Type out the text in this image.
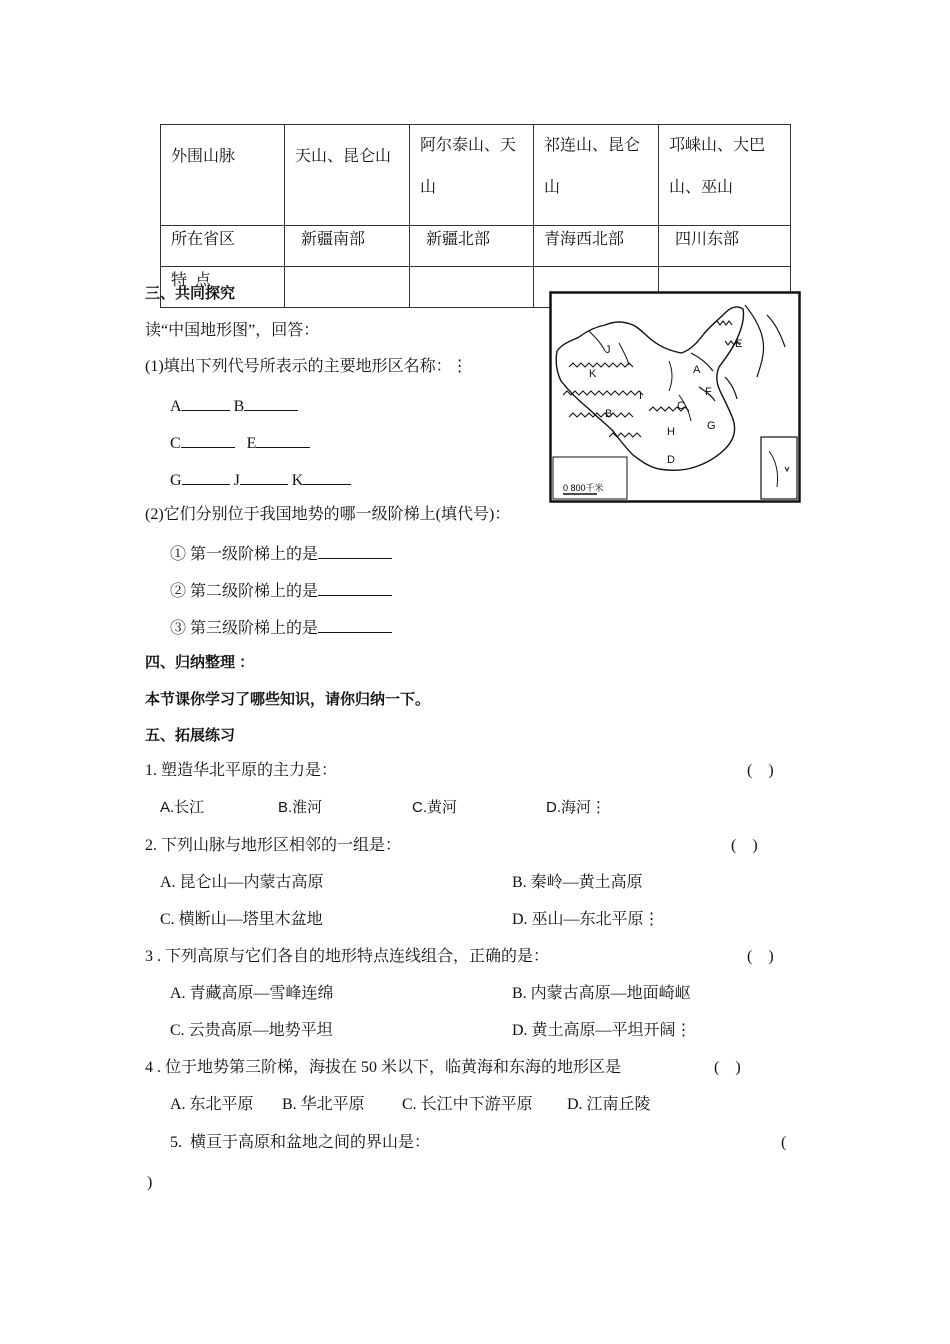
外围山脉	天山、昆仑山	阿尔泰山、天山	祁连山、昆仑山	邛崃山、大巴山、巫山
所在省区	新疆南部	新疆北部	青海西北部	四川东部
特  点				
三、共同探究
读“中国地形图”，回答：
(1)填出下列代号所表示的主要地形区名称：⋮
A	B
C	E
G	J	K
(2)它们分别位于我国地势的哪一级阶梯上(填代号)：
① 第一级阶梯上的是
② 第二级阶梯上的是
③ 第三级阶梯上的是
0 800千米
J
K
B
I
A
E
F
C
H	G
D
四、归纳整理 ：
本节课你学习了哪些知识，请你归纳一下。
五、拓展练习
1. 塑造华北平原的主力是：	(    )
A.长江	B.淮河	C.黄河	D.海河⋮
2. 下列山脉与地形区相邻的一组是：	(    )
A. 昆仑山—内蒙古高原	B. 秦岭—黄土高原
C. 横断山—塔里木盆地	D. 巫山—东北平原⋮
3 . 下列高原与它们各自的地形特点连线组合，正确的是：	(    )
A. 青藏高原—雪峰连绵	B. 内蒙古高原—地面崎岖
C. 云贵高原—地势平坦	D. 黄土高原—平坦开阔⋮
4 . 位于地势第三阶梯，海拔在 50 米以下，临黄海和东海的地形区是	(    )
A. 东北平原 B. 华北平原 C. 长江中下游平原 D. 江南丘陵
5.  横亘于高原和盆地之间的界山是：	(
)
